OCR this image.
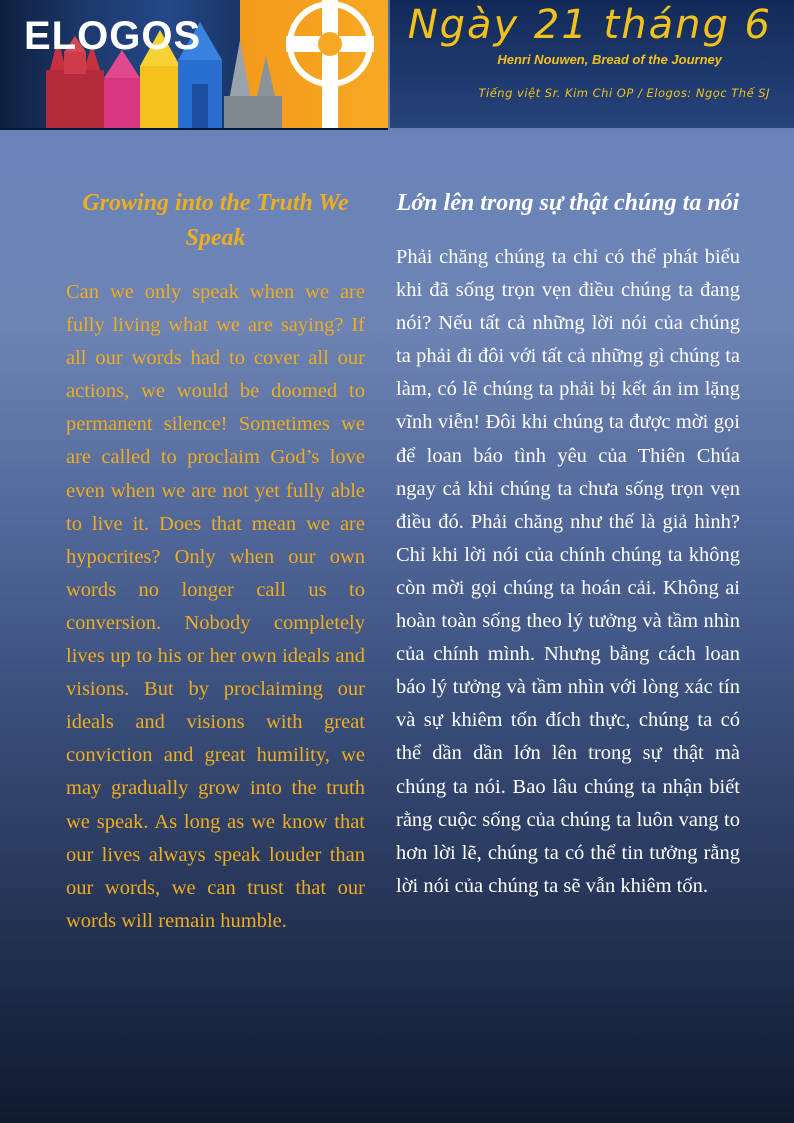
ELOGOS	Ngày 21 tháng 6
Henri Nouwen, Bread of the Journey
Tiếng việt Sr. Kim Chi OP / Elogos: Ngọc Thế SJ
Growing into the Truth We Speak

Can we only speak when we are fully living what we are saying? If all our words had to cover all our actions, we would be doomed to permanent silence! Sometimes we are called to proclaim God’s love even when we are not yet fully able to live it. Does that mean we are hypocrites? Only when our own words no longer call us to conversion. Nobody completely lives up to his or her own ideals and visions. But by proclaiming our ideals and visions with great conviction and great humility, we may gradually grow into the truth we speak. As long as we know that our lives always speak louder than our words, we can trust that our words will remain humble.

Lớn lên trong sự thật chúng ta nói

Phải chăng chúng ta chỉ có thể phát biểu khi đã sống trọn vẹn điều chúng ta đang nói? Nếu tất cả những lời nói của chúng ta phải đi đôi với tất cả những gì chúng ta làm, có lẽ chúng ta phải bị kết án im lặng vĩnh viễn! Đôi khi chúng ta được mời gọi để loan báo tình yêu của Thiên Chúa ngay cả khi chúng ta chưa sống trọn vẹn điều đó. Phải chăng như thế là giả hình? Chỉ khi lời nói của chính chúng ta không còn mời gọi chúng ta hoán cải. Không ai hoàn toàn sống theo lý tưởng và tầm nhìn của chính mình. Nhưng bằng cách loan báo lý tưởng và tầm nhìn với lòng xác tín và sự khiêm tốn đích thực, chúng ta có thể dần dần lớn lên trong sự thật mà chúng ta nói. Bao lâu chúng ta nhận biết rằng cuộc sống của chúng ta luôn vang to hơn lời lẽ, chúng ta có thể tin tưởng rằng lời nói của chúng ta sẽ vẫn khiêm tốn.
